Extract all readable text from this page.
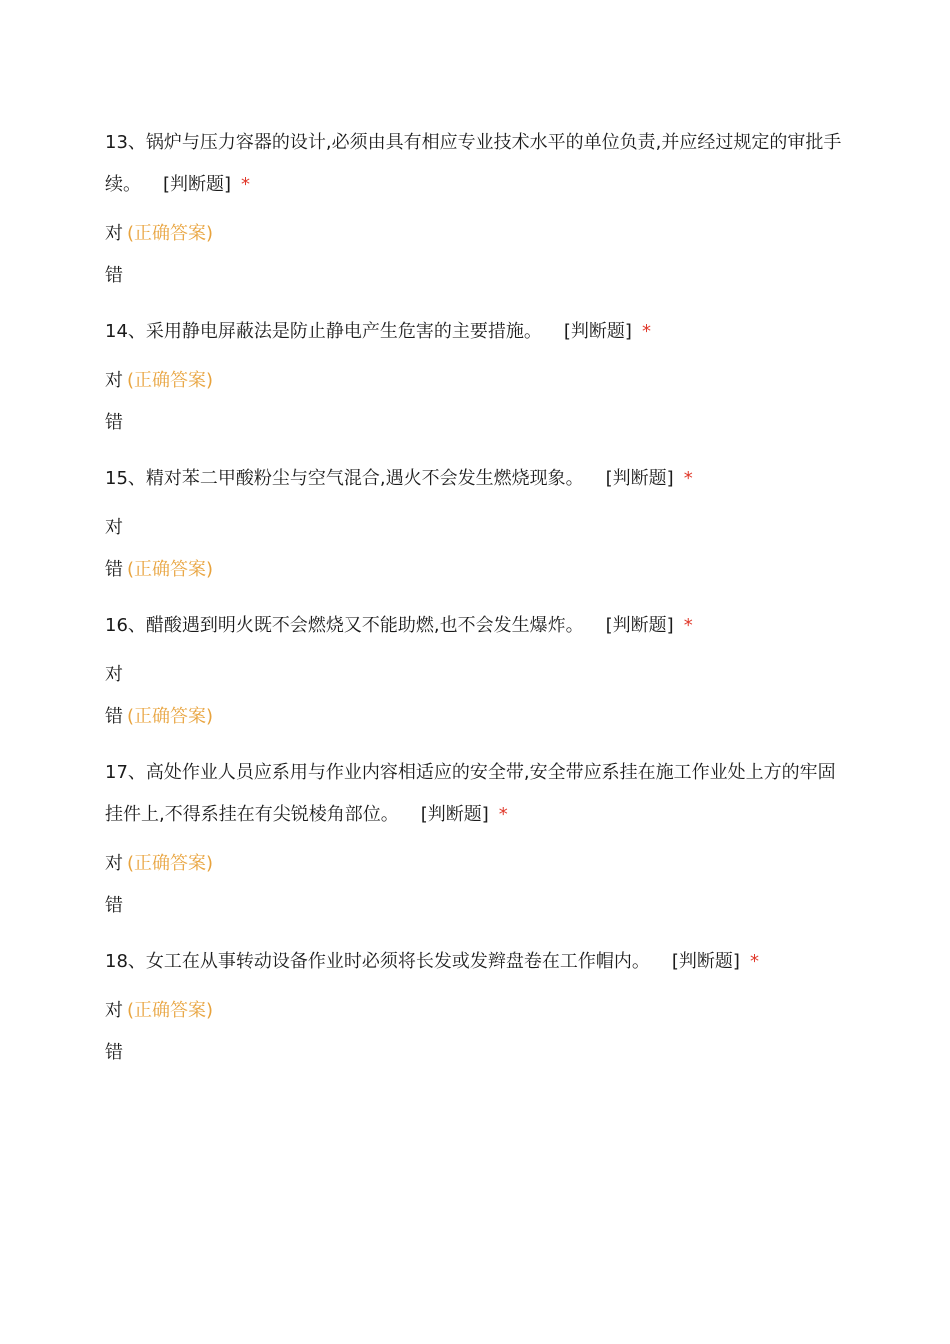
13、锅炉与压力容器的设计,必须由具有相应专业技术水平的单位负责,并应经过规定的审批手续。 [判断题] *
对 (正确答案)
错
14、采用静电屏蔽法是防止静电产生危害的主要措施。 [判断题] *
对 (正确答案)
错
15、精对苯二甲酸粉尘与空气混合,遇火不会发生燃烧现象。 [判断题] *
对
错 (正确答案)
16、醋酸遇到明火既不会燃烧又不能助燃,也不会发生爆炸。 [判断题] *
对
错 (正确答案)
17、高处作业人员应系用与作业内容相适应的安全带,安全带应系挂在施工作业处上方的牢固挂件上,不得系挂在有尖锐棱角部位。 [判断题] *
对 (正确答案)
错
18、女工在从事转动设备作业时必须将长发或发辫盘卷在工作帽内。 [判断题] *
对 (正确答案)
错
